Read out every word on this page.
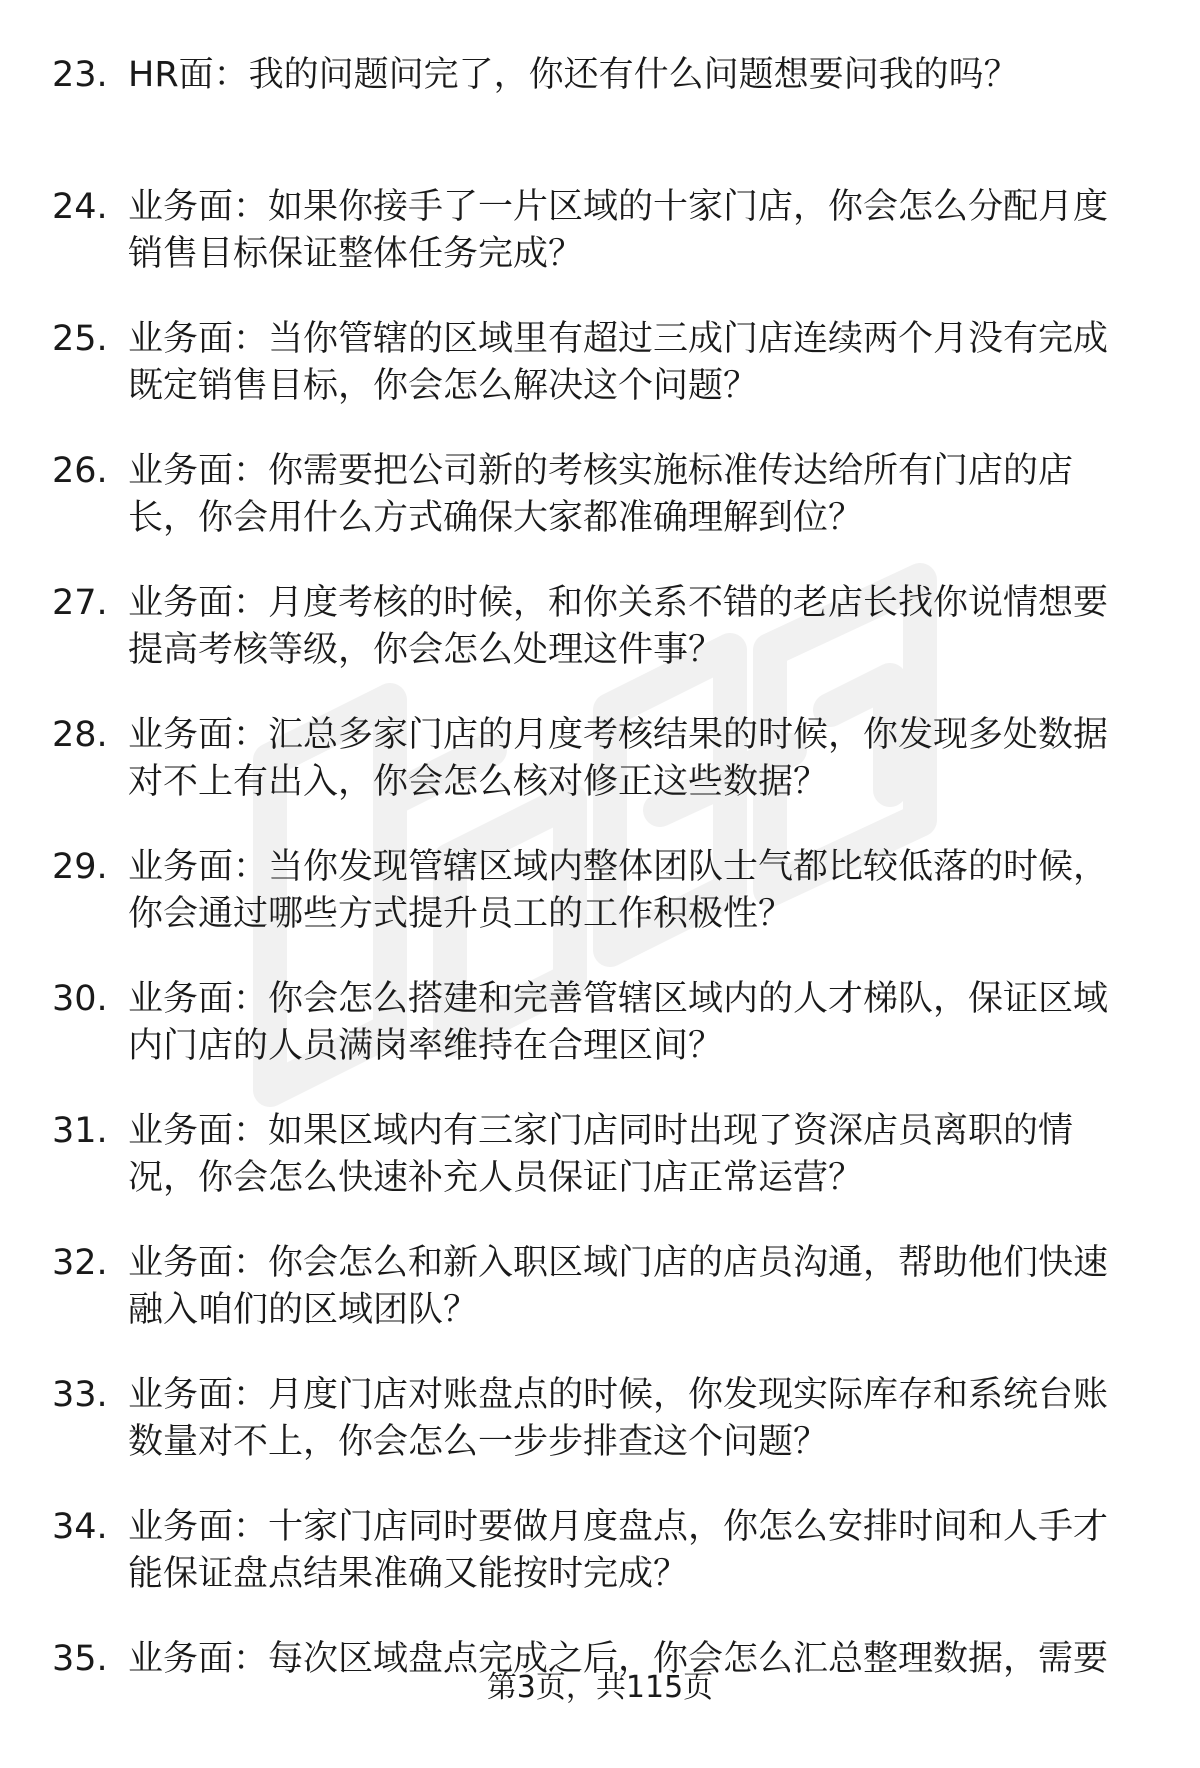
23. HR面：我的问题问完了，你还有什么问题想要问我的吗？
24. 业务面：如果你接手了一片区域的十家门店，你会怎么分配月度销售目标保证整体任务完成？
25. 业务面：当你管辖的区域里有超过三成门店连续两个月没有完成既定销售目标，你会怎么解决这个问题？
26. 业务面：你需要把公司新的考核实施标准传达给所有门店的店长，你会用什么方式确保大家都准确理解到位？
27. 业务面：月度考核的时候，和你关系不错的老店长找你说情想要提高考核等级，你会怎么处理这件事？
28. 业务面：汇总多家门店的月度考核结果的时候，你发现多处数据对不上有出入，你会怎么核对修正这些数据？
29. 业务面：当你发现管辖区域内整体团队士气都比较低落的时候，你会通过哪些方式提升员工的工作积极性？
30. 业务面：你会怎么搭建和完善管辖区域内的人才梯队，保证区域内门店的人员满岗率维持在合理区间？
31. 业务面：如果区域内有三家门店同时出现了资深店员离职的情况，你会怎么快速补充人员保证门店正常运营？
32. 业务面：你会怎么和新入职区域门店的店员沟通，帮助他们快速融入咱们的区域团队？
33. 业务面：月度门店对账盘点的时候，你发现实际库存和系统台账数量对不上，你会怎么一步步排查这个问题？
34. 业务面：十家门店同时要做月度盘点，你怎么安排时间和人手才能保证盘点结果准确又能按时完成？
35. 业务面：每次区域盘点完成之后，你会怎么汇总整理数据，需要
第3页，共115页
